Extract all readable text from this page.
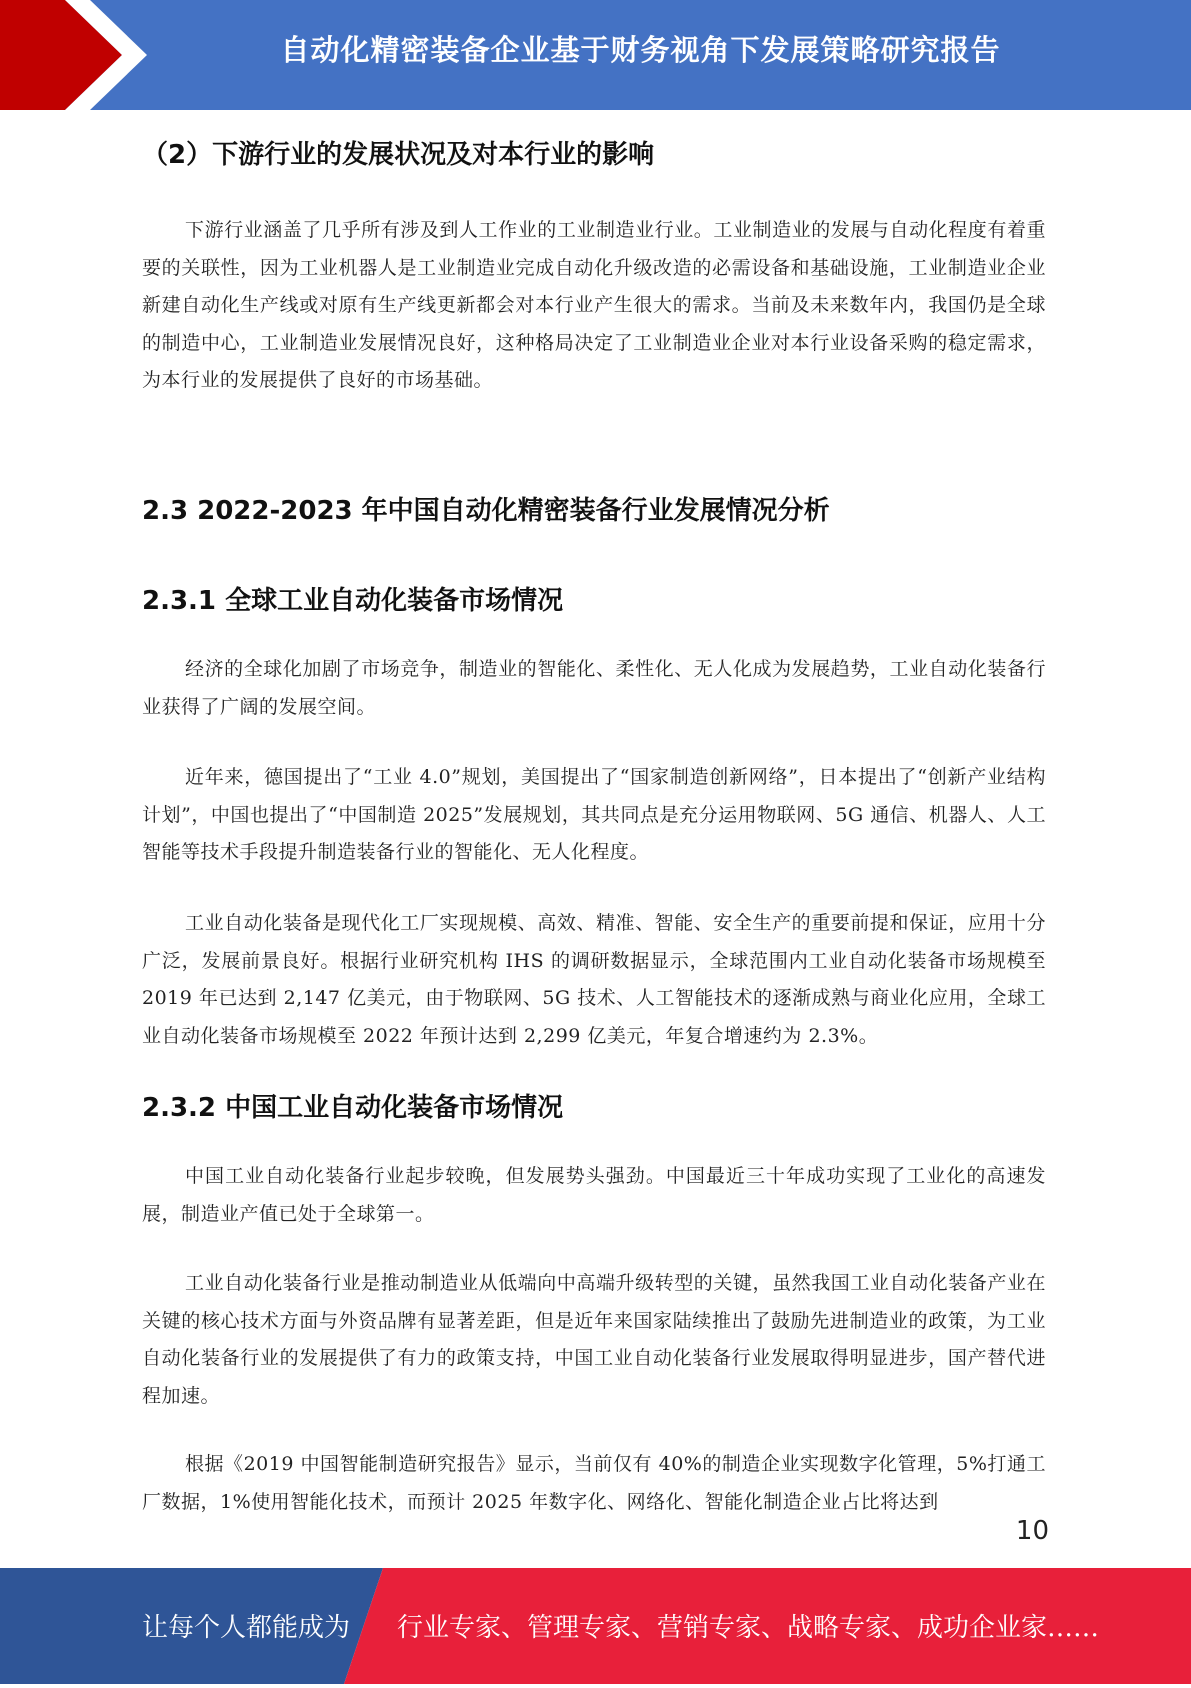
自动化精密装备企业基于财务视角下发展策略研究报告
（2）下游行业的发展状况及对本行业的影响
下游行业涵盖了几乎所有涉及到人工作业的工业制造业行业。工业制造业的发展与自动化程度有着重要的关联性，因为工业机器人是工业制造业完成自动化升级改造的必需设备和基础设施，工业制造业企业新建自动化生产线或对原有生产线更新都会对本行业产生很大的需求。当前及未来数年内，我国仍是全球的制造中心，工业制造业发展情况良好，这种格局决定了工业制造业企业对本行业设备采购的稳定需求，为本行业的发展提供了良好的市场基础。
2.3 2022-2023 年中国自动化精密装备行业发展情况分析
2.3.1 全球工业自动化装备市场情况
经济的全球化加剧了市场竞争，制造业的智能化、柔性化、无人化成为发展趋势，工业自动化装备行业获得了广阔的发展空间。
近年来，德国提出了“工业 4.0”规划，美国提出了“国家制造创新网络”，日本提出了“创新产业结构计划”，中国也提出了“中国制造 2025”发展规划，其共同点是充分运用物联网、5G 通信、机器人、人工智能等技术手段提升制造装备行业的智能化、无人化程度。
工业自动化装备是现代化工厂实现规模、高效、精准、智能、安全生产的重要前提和保证，应用十分广泛，发展前景良好。根据行业研究机构 IHS 的调研数据显示，全球范围内工业自动化装备市场规模至 2019 年已达到 2,147 亿美元，由于物联网、5G 技术、人工智能技术的逐渐成熟与商业化应用，全球工业自动化装备市场规模至 2022 年预计达到 2,299 亿美元，年复合增速约为 2.3%。
2.3.2 中国工业自动化装备市场情况
中国工业自动化装备行业起步较晚，但发展势头强劲。中国最近三十年成功实现了工业化的高速发展，制造业产值已处于全球第一。
工业自动化装备行业是推动制造业从低端向中高端升级转型的关键，虽然我国工业自动化装备产业在关键的核心技术方面与外资品牌有显著差距，但是近年来国家陆续推出了鼓励先进制造业的政策，为工业自动化装备行业的发展提供了有力的政策支持，中国工业自动化装备行业发展取得明显进步，国产替代进程加速。
根据《2019 中国智能制造研究报告》显示，当前仅有 40%的制造企业实现数字化管理，5%打通工厂数据，1%使用智能化技术，而预计 2025 年数字化、网络化、智能化制造企业占比将达到
10
让每个人都能成为 行业专家、管理专家、营销专家、战略专家、成功企业家……
